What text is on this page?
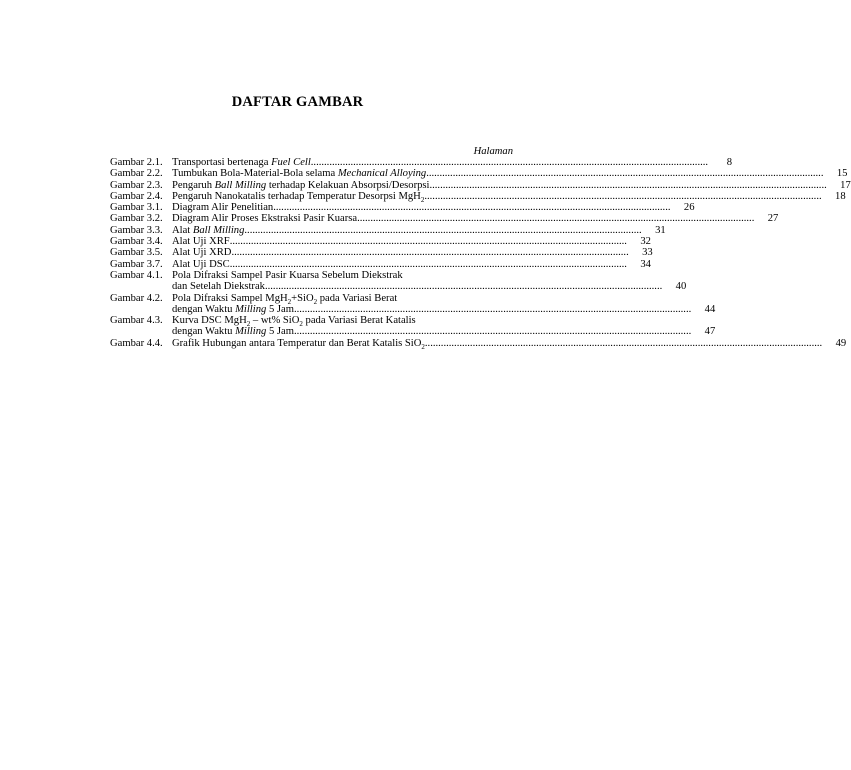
DAFTAR GAMBAR
Halaman
Gambar 2.1. Transportasi bertenaga Fuel Cell .....	8
Gambar 2.2. Tumbukan Bola-Material-Bola selama Mechanical Alloying .....	15
Gambar 2.3. Pengaruh Ball Milling terhadap Kelakuan Absorpsi/Desorpsi .....	17
Gambar 2.4. Pengaruh Nanokatalis terhadap Temperatur Desorpsi MgH$_2$ .....	18
Gambar 3.1. Diagram Alir Penelitian .....	26
Gambar 3.2. Diagram Alir Proses Ekstraksi Pasir Kuarsa .....	27
Gambar 3.3. Alat Ball Milling .....	31
Gambar 3.4. Alat Uji XRF .....	32
Gambar 3.5. Alat Uji XRD .....	33
Gambar 3.7. Alat Uji DSC .....	34
Gambar 4.1. Pola Difraksi Sampel Pasir Kuarsa Sebelum Diekstrak
dan Setelah Diekstrak .....	40
Gambar 4.2. Pola Difraksi Sampel MgH$_2$+SiO$_2$ pada Variasi Berat
dengan Waktu Milling 5 Jam .....	44
Gambar 4.3. Kurva DSC MgH$_2$ – wt% SiO$_2$ pada Variasi Berat Katalis
dengan Waktu Milling 5 Jam .....	47
Gambar 4.4. Grafik Hubungan antara Temperatur dan Berat Katalis SiO$_2$ .....	49
